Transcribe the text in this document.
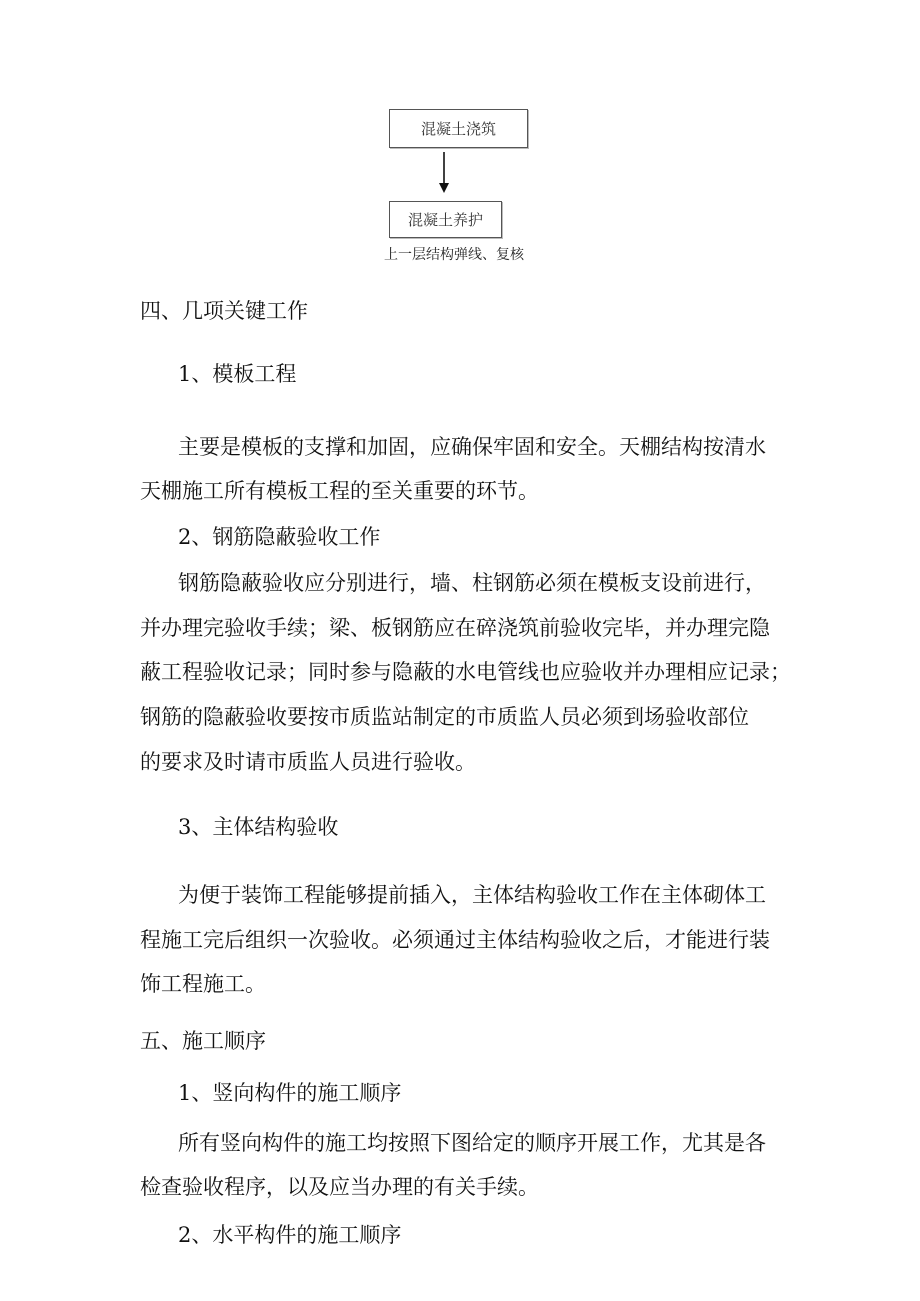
混凝土浇筑
混凝土养护
上一层结构弹线、复核
四、几项关键工作
1、模板工程
主要是模板的支撑和加固，应确保牢固和安全。天棚结构按清水
天棚施工所有模板工程的至关重要的环节。
2、钢筋隐蔽验收工作
钢筋隐蔽验收应分别进行，墙、柱钢筋必须在模板支设前进行，
并办理完验收手续；梁、板钢筋应在碎浇筑前验收完毕，并办理完隐
蔽工程验收记录；同时参与隐蔽的水电管线也应验收并办理相应记录；
钢筋的隐蔽验收要按市质监站制定的市质监人员必须到场验收部位
的要求及时请市质监人员进行验收。
3、主体结构验收
为便于装饰工程能够提前插入，主体结构验收工作在主体砌体工
程施工完后组织一次验收。必须通过主体结构验收之后，才能进行装
饰工程施工。
五、施工顺序
1、竖向构件的施工顺序
所有竖向构件的施工均按照下图给定的顺序开展工作，尤其是各
检查验收程序，以及应当办理的有关手续。
2、水平构件的施工顺序
